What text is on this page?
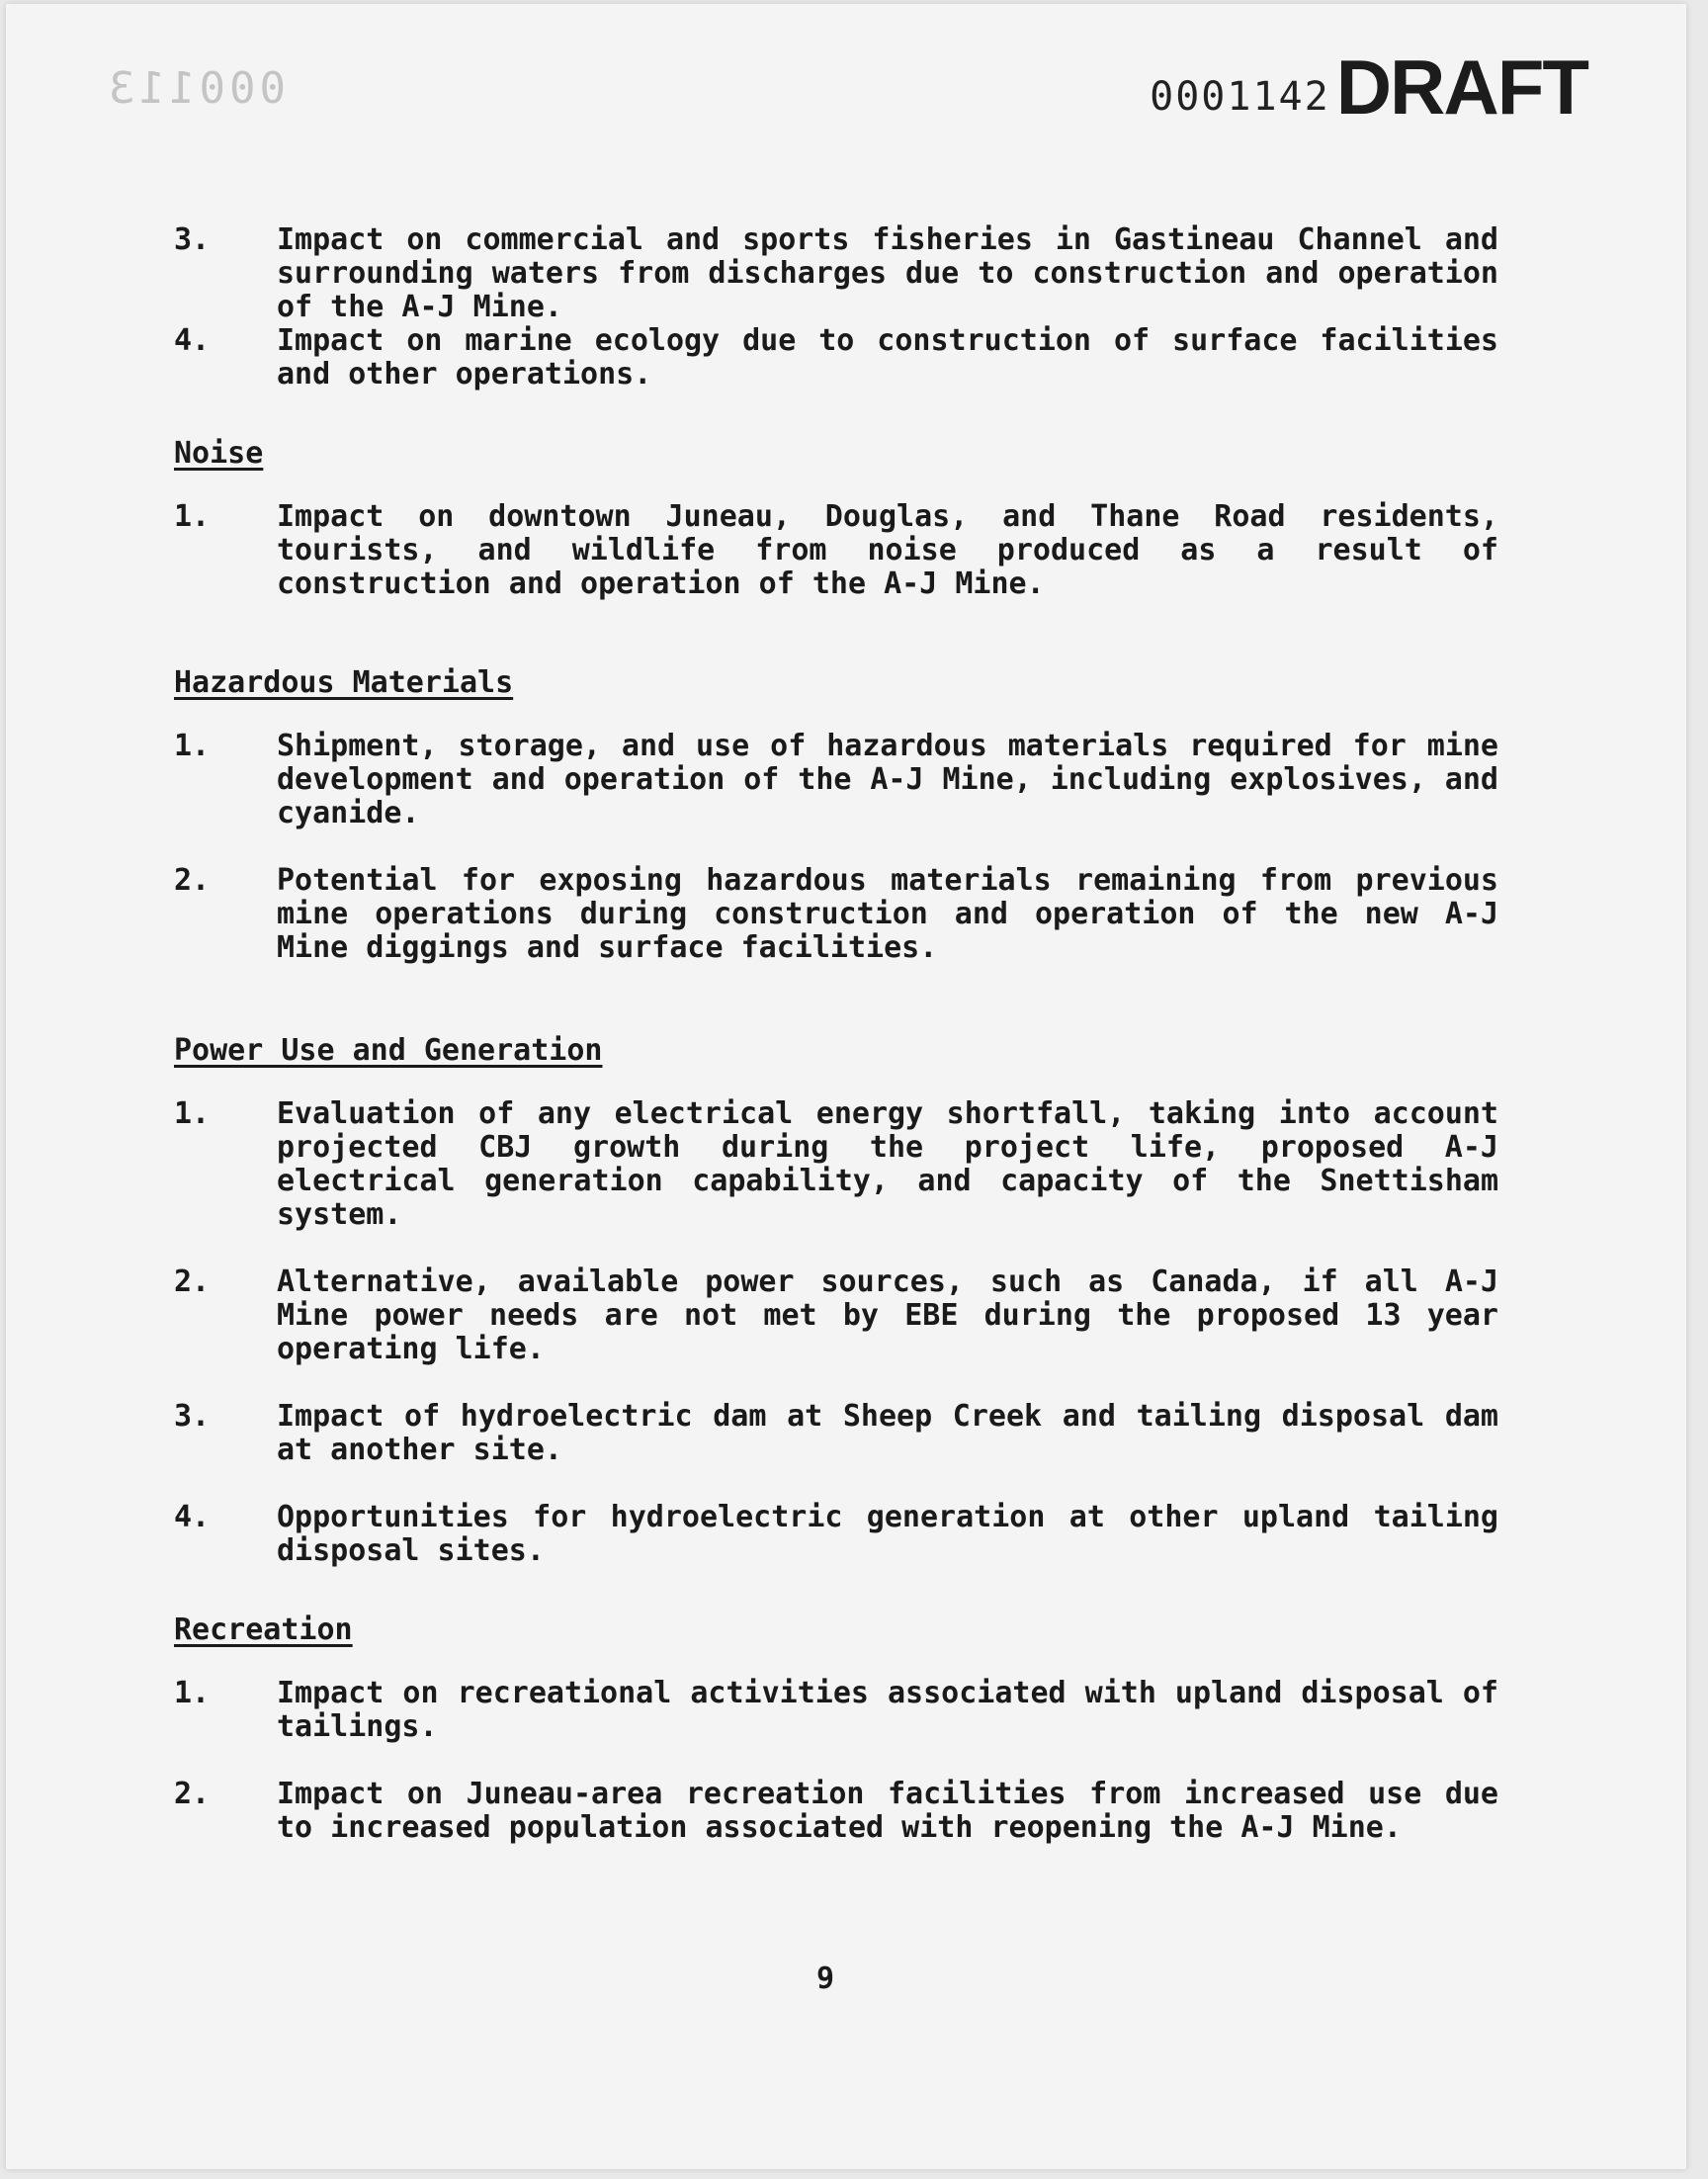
000113	0001142 DRAFT
3.	Impact on commercial and sports fisheries in Gastineau Channel and surrounding waters from discharges due to construction and operation of the A-J Mine.
4.	Impact on marine ecology due to construction of surface facilities and other operations.
Noise
1.	Impact on downtown Juneau, Douglas, and Thane Road residents, tourists, and wildlife from noise produced as a result of construction and operation of the A-J Mine.
Hazardous Materials
1.	Shipment, storage, and use of hazardous materials required for mine development and operation of the A-J Mine, including explosives, and cyanide.
2.	Potential for exposing hazardous materials remaining from previous mine operations during construction and operation of the new A-J Mine diggings and surface facilities.
Power Use and Generation
1.	Evaluation of any electrical energy shortfall, taking into account projected CBJ growth during the project life, proposed A-J electrical generation capability, and capacity of the Snettisham system.
2.	Alternative, available power sources, such as Canada, if all A-J Mine power needs are not met by EBE during the proposed 13 year operating life.
3.	Impact of hydroelectric dam at Sheep Creek and tailing disposal dam at another site.
4.	Opportunities for hydroelectric generation at other upland tailing disposal sites.
Recreation
1.	Impact on recreational activities associated with upland disposal of tailings.
2.	Impact on Juneau-area recreation facilities from increased use due to increased population associated with reopening the A-J Mine.
9
